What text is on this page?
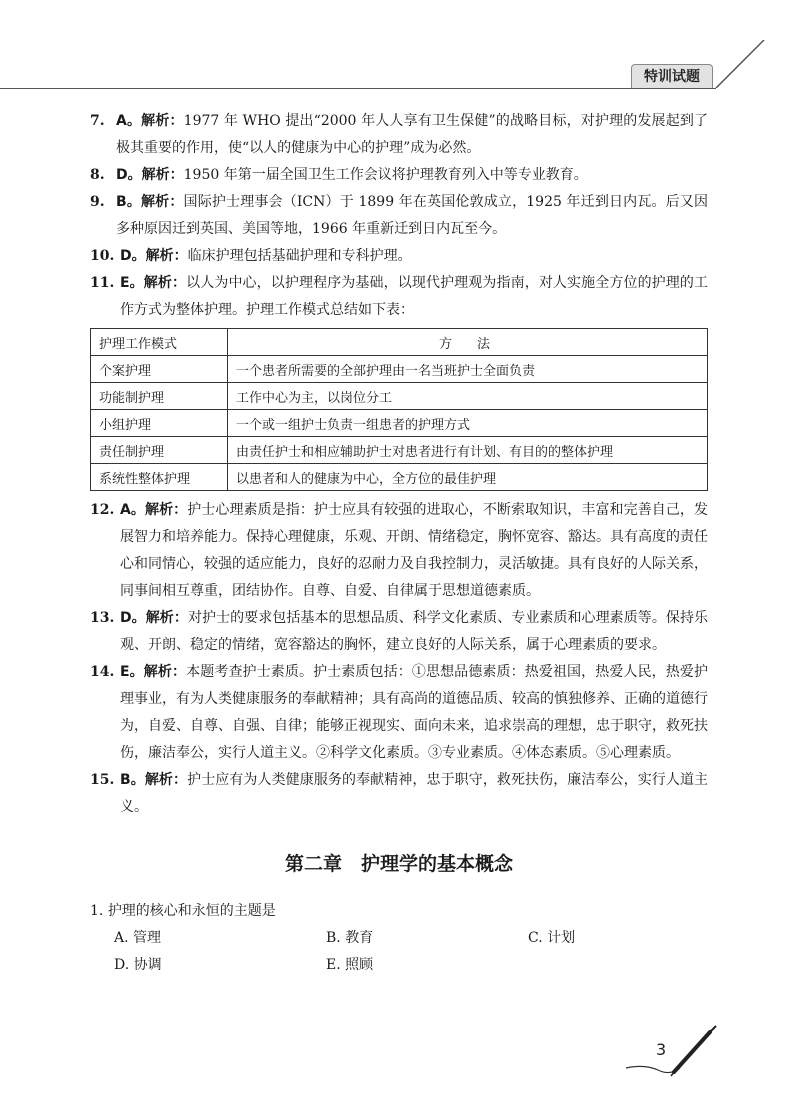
特训试题
7. A。解析：1977 年 WHO 提出“2000 年人人享有卫生保健”的战略目标，对护理的发展起到了极其重要的作用，使“以人的健康为中心的护理”成为必然。
8. D。解析：1950 年第一届全国卫生工作会议将护理教育列入中等专业教育。
9. B。解析：国际护士理事会（ICN）于 1899 年在英国伦敦成立，1925 年迁到日内瓦。后又因多种原因迁到英国、美国等地，1966 年重新迁到日内瓦至今。
10. D。解析：临床护理包括基础护理和专科护理。
11. E。解析：以人为中心，以护理程序为基础，以现代护理观为指南，对人实施全方位的护理的工作方式为整体护理。护理工作模式总结如下表：
护理工作模式	方　法
个案护理	一个患者所需要的全部护理由一名当班护士全面负责
功能制护理	工作中心为主，以岗位分工
小组护理	一个或一组护士负责一组患者的护理方式
责任制护理	由责任护士和相应辅助护士对患者进行有计划、有目的的整体护理
系统性整体护理	以患者和人的健康为中心，全方位的最佳护理
12. A。解析：护士心理素质是指：护士应具有较强的进取心，不断索取知识，丰富和完善自己，发展智力和培养能力。保持心理健康，乐观、开朗、情绪稳定，胸怀宽容、豁达。具有高度的责任心和同情心，较强的适应能力，良好的忍耐力及自我控制力，灵活敏捷。具有良好的人际关系，同事间相互尊重，团结协作。自尊、自爱、自律属于思想道德素质。
13. D。解析：对护士的要求包括基本的思想品质、科学文化素质、专业素质和心理素质等。保持乐观、开朗、稳定的情绪，宽容豁达的胸怀，建立良好的人际关系，属于心理素质的要求。
14. E。解析：本题考查护士素质。护士素质包括：①思想品德素质：热爱祖国，热爱人民，热爱护理事业，有为人类健康服务的奉献精神；具有高尚的道德品质、较高的慎独修养、正确的道德行为，自爱、自尊、自强、自律；能够正视现实、面向未来，追求崇高的理想，忠于职守，救死扶伤，廉洁奉公，实行人道主义。②科学文化素质。③专业素质。④体态素质。⑤心理素质。
15. B。解析：护士应有为人类健康服务的奉献精神，忠于职守，救死扶伤，廉洁奉公，实行人道主义。
第二章　护理学的基本概念
1. 护理的核心和永恒的主题是
A. 管理	B. 教育	C. 计划
D. 协调	E. 照顾
3
